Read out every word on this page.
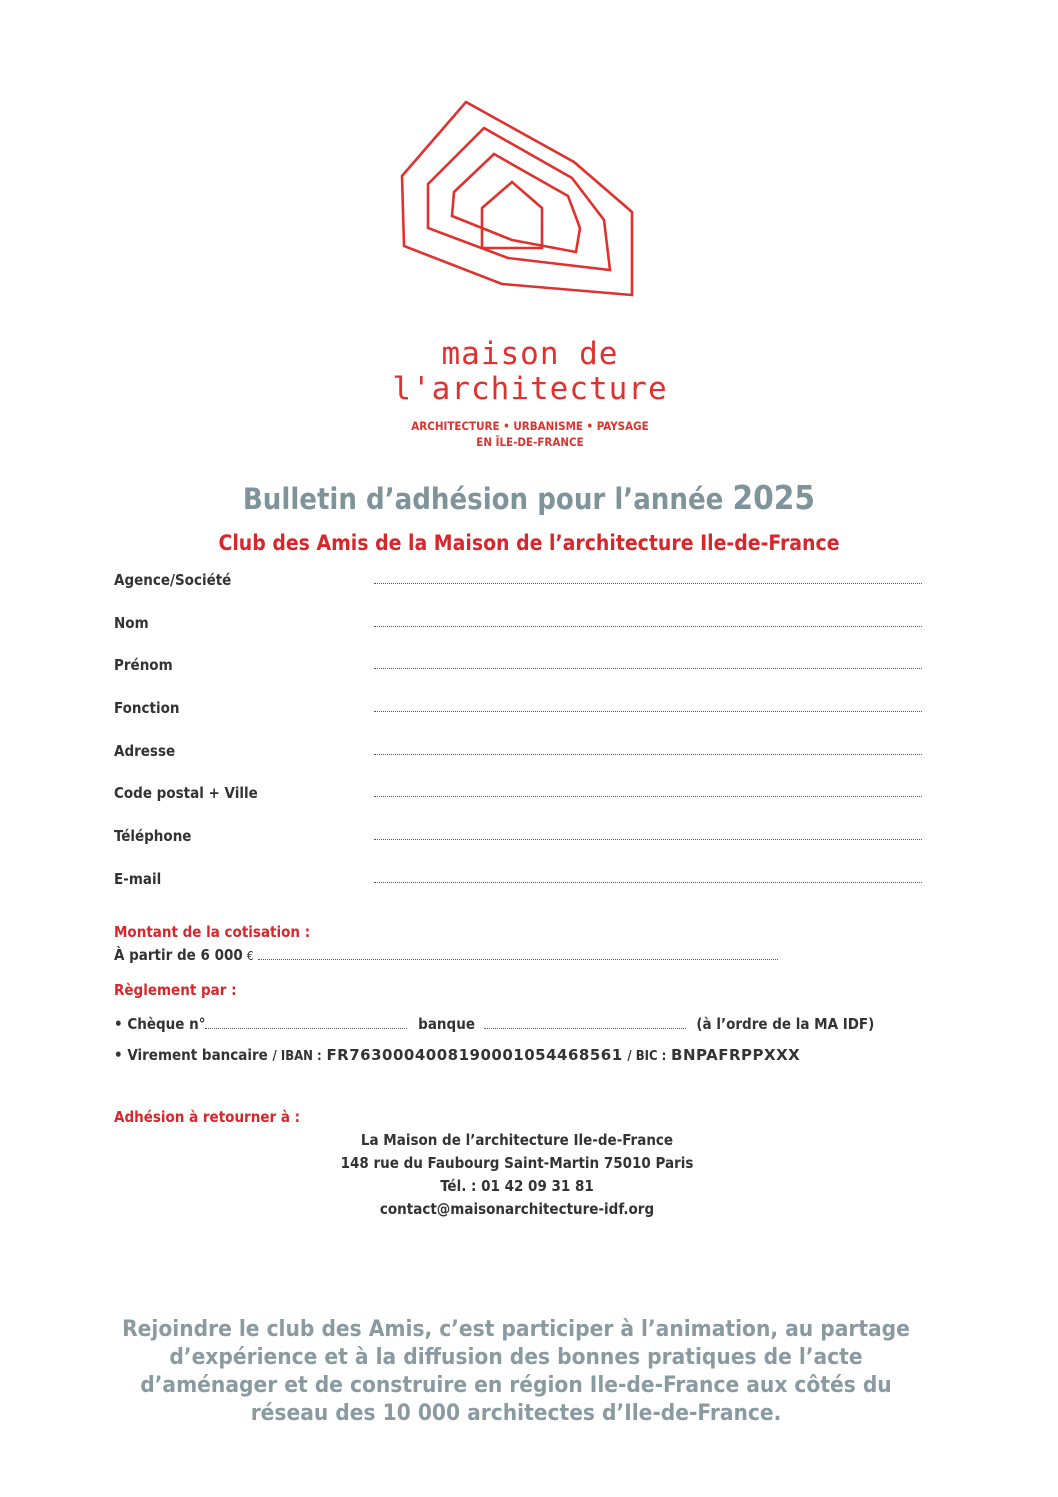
maison de
l'architecture
ARCHITECTURE • URBANISME • PAYSAGE
EN ÎLE-DE-FRANCE
Bulletin d’adhésion pour l’année 2025
Club des Amis de la Maison de l’architecture Ile-de-France
Agence/Société
Nom
Prénom
Fonction
Adresse
Code postal + Ville
Téléphone
E-mail
Montant de la cotisation :
À partir de 6 000 €
Règlement par :
• Chèque n°	banque	(à l’ordre de la MA IDF)
• Virement bancaire / IBAN : FR7630004008190001054468561 / BIC : BNPAFRPPXXX
Adhésion à retourner à :
La Maison de l’architecture Ile-de-France
148 rue du Faubourg Saint-Martin 75010 Paris
Tél. : 01 42 09 31 81
contact@maisonarchitecture-idf.org
Rejoindre le club des Amis, c’est participer à l’animation, au partage
d’expérience et à la diffusion des bonnes pratiques de l’acte
d’aménager et de construire en région Ile-de-France aux côtés du
réseau des 10 000 architectes d’Ile-de-France.
